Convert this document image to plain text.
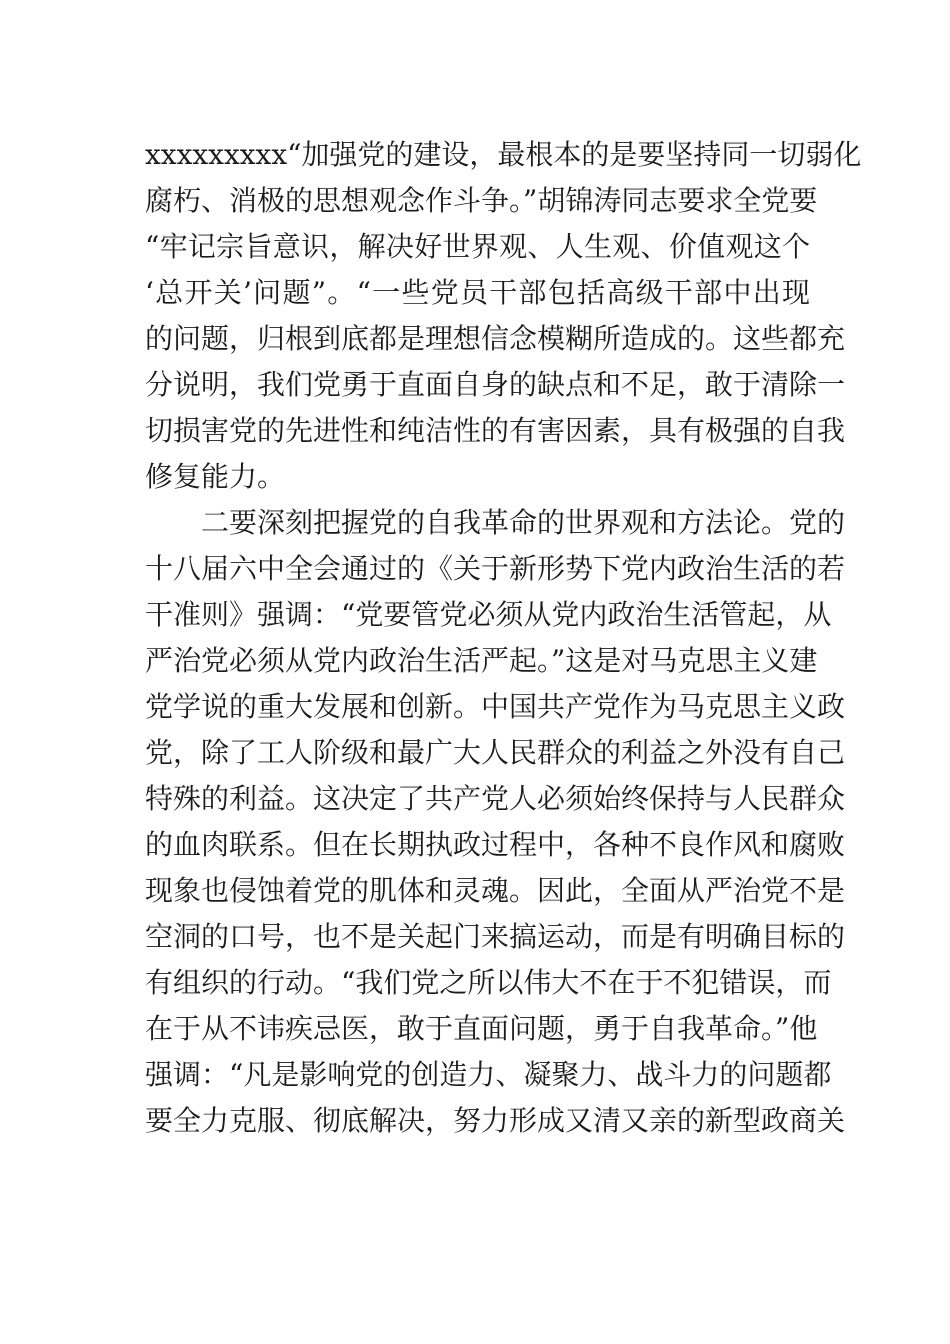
xxxxxxxxx“加强党的建设，最根本的是要坚持同一切弱化
腐朽、消极的思想观念作斗争。”胡锦涛同志要求全党要
“牢记宗旨意识，解决好世界观、人生观、价值观这个
‘总开关’问题”。“一些党员干部包括高级干部中出现
的问题，归根到底都是理想信念模糊所造成的。这些都充
分说明，我们党勇于直面自身的缺点和不足，敢于清除一
切损害党的先进性和纯洁性的有害因素，具有极强的自我
修复能力。
二要深刻把握党的自我革命的世界观和方法论。党的
十八届六中全会通过的《关于新形势下党内政治生活的若
干准则》强调：“党要管党必须从党内政治生活管起，从
严治党必须从党内政治生活严起。”这是对马克思主义建
党学说的重大发展和创新。中国共产党作为马克思主义政
党，除了工人阶级和最广大人民群众的利益之外没有自己
特殊的利益。这决定了共产党人必须始终保持与人民群众
的血肉联系。但在长期执政过程中，各种不良作风和腐败
现象也侵蚀着党的肌体和灵魂。因此，全面从严治党不是
空洞的口号，也不是关起门来搞运动，而是有明确目标的
有组织的行动。“我们党之所以伟大不在于不犯错误，而
在于从不讳疾忌医，敢于直面问题，勇于自我革命。”他
强调：“凡是影响党的创造力、凝聚力、战斗力的问题都
要全力克服、彻底解决，努力形成又清又亲的新型政商关
